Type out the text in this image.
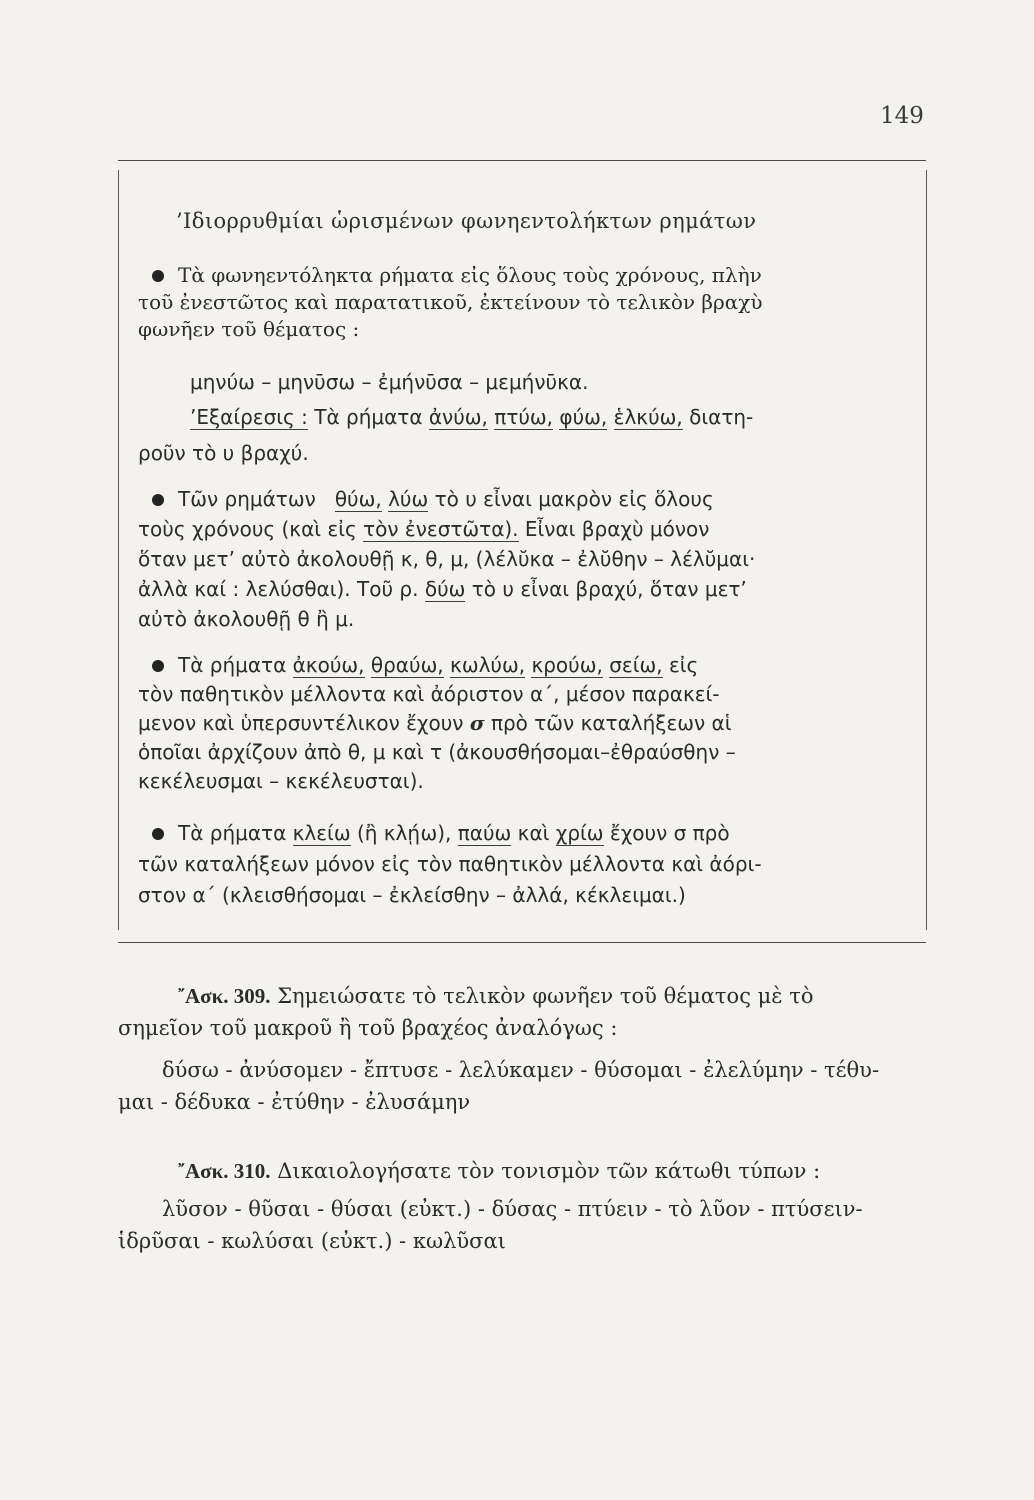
149
’Ιδιορρυθμίαι ὡρισμένων φωνηεντολήκτων ρημάτων
Τὰ φωνηεντόληκτα ρήματα εἰς ὅλους τοὺς χρόνους, πλὴν
τοῦ ἐνεστῶτος καὶ παρατατικοῦ, ἐκτείνουν τὸ τελικὸν βραχὺ
φωνῆεν τοῦ θέματος :
μηνύω – μηνῡσω – ἐμήνῡσα – μεμήνῡκα.
’Εξαίρεσις : Τὰ ρήματα ἀνύω, πτύω, φύω, ἑλκύω, διατη-
ροῦν τὸ υ βραχύ.
Τῶν ρημάτων θύω, λύω τὸ υ εἶναι μακρὸν εἰς ὅλους
τοὺς χρόνους (καὶ εἰς τὸν ἐνεστῶτα). Εἶναι βραχὺ μόνον
ὅταν μετ’ αὐτὸ ἀκολουθῇ κ, θ, μ, (λέλῠκα – ἐλῠθην – λέλῠμαι·
ἀλλὰ καί : λελύσθαι). Τοῦ ρ. δύω τὸ υ εἶναι βραχύ, ὅταν μετ’
αὐτὸ ἀκολουθῇ θ ἢ μ.
Τὰ ρήματα ἀκούω, θραύω, κωλύω, κρούω, σείω, εἰς
τὸν παθητικὸν μέλλοντα καὶ ἀόριστον α΄, μέσον παρακεί-
μενον καὶ ὑπερσυντέλικον ἔχουν σ πρὸ τῶν καταλήξεων αἱ
ὁποῖαι ἀρχίζουν ἀπὸ θ, μ καὶ τ (ἀκουσθήσομαι–ἐθραύσθην –
κεκέλευσμαι – κεκέλευσται).
Τὰ ρήματα κλείω (ἢ κλῄω), παύω καὶ χρίω ἔχουν σ πρὸ
τῶν καταλήξεων μόνον εἰς τὸν παθητικὸν μέλλοντα καὶ ἀόρι-
στον α΄ (κλεισθήσομαι – ἐκλείσθην – ἀλλά, κέκλειμαι.)
῎Ασκ. 309. Σημειώσατε τὸ τελικὸν φωνῆεν τοῦ θέματος μὲ τὸ
σημεῖον τοῦ μακροῦ ἢ τοῦ βραχέος ἀναλόγως :
δύσω - ἀνύσομεν - ἔπτυσε - λελύκαμεν - θύσομαι - ἐλελύμην - τέθυ-
μαι - δέδυκα - ἐτύθην - ἐλυσάμην
῎Ασκ. 310. Δικαιολογήσατε τὸν τονισμὸν τῶν κάτωθι τύπων :
λῦσον - θῦσαι - θύσαι (εὐκτ.) - δύσας - πτύειν - τὸ λῦον - πτύσειν-
ἱδρῦσαι - κωλύσαι (εὐκτ.) - κωλῦσαι
